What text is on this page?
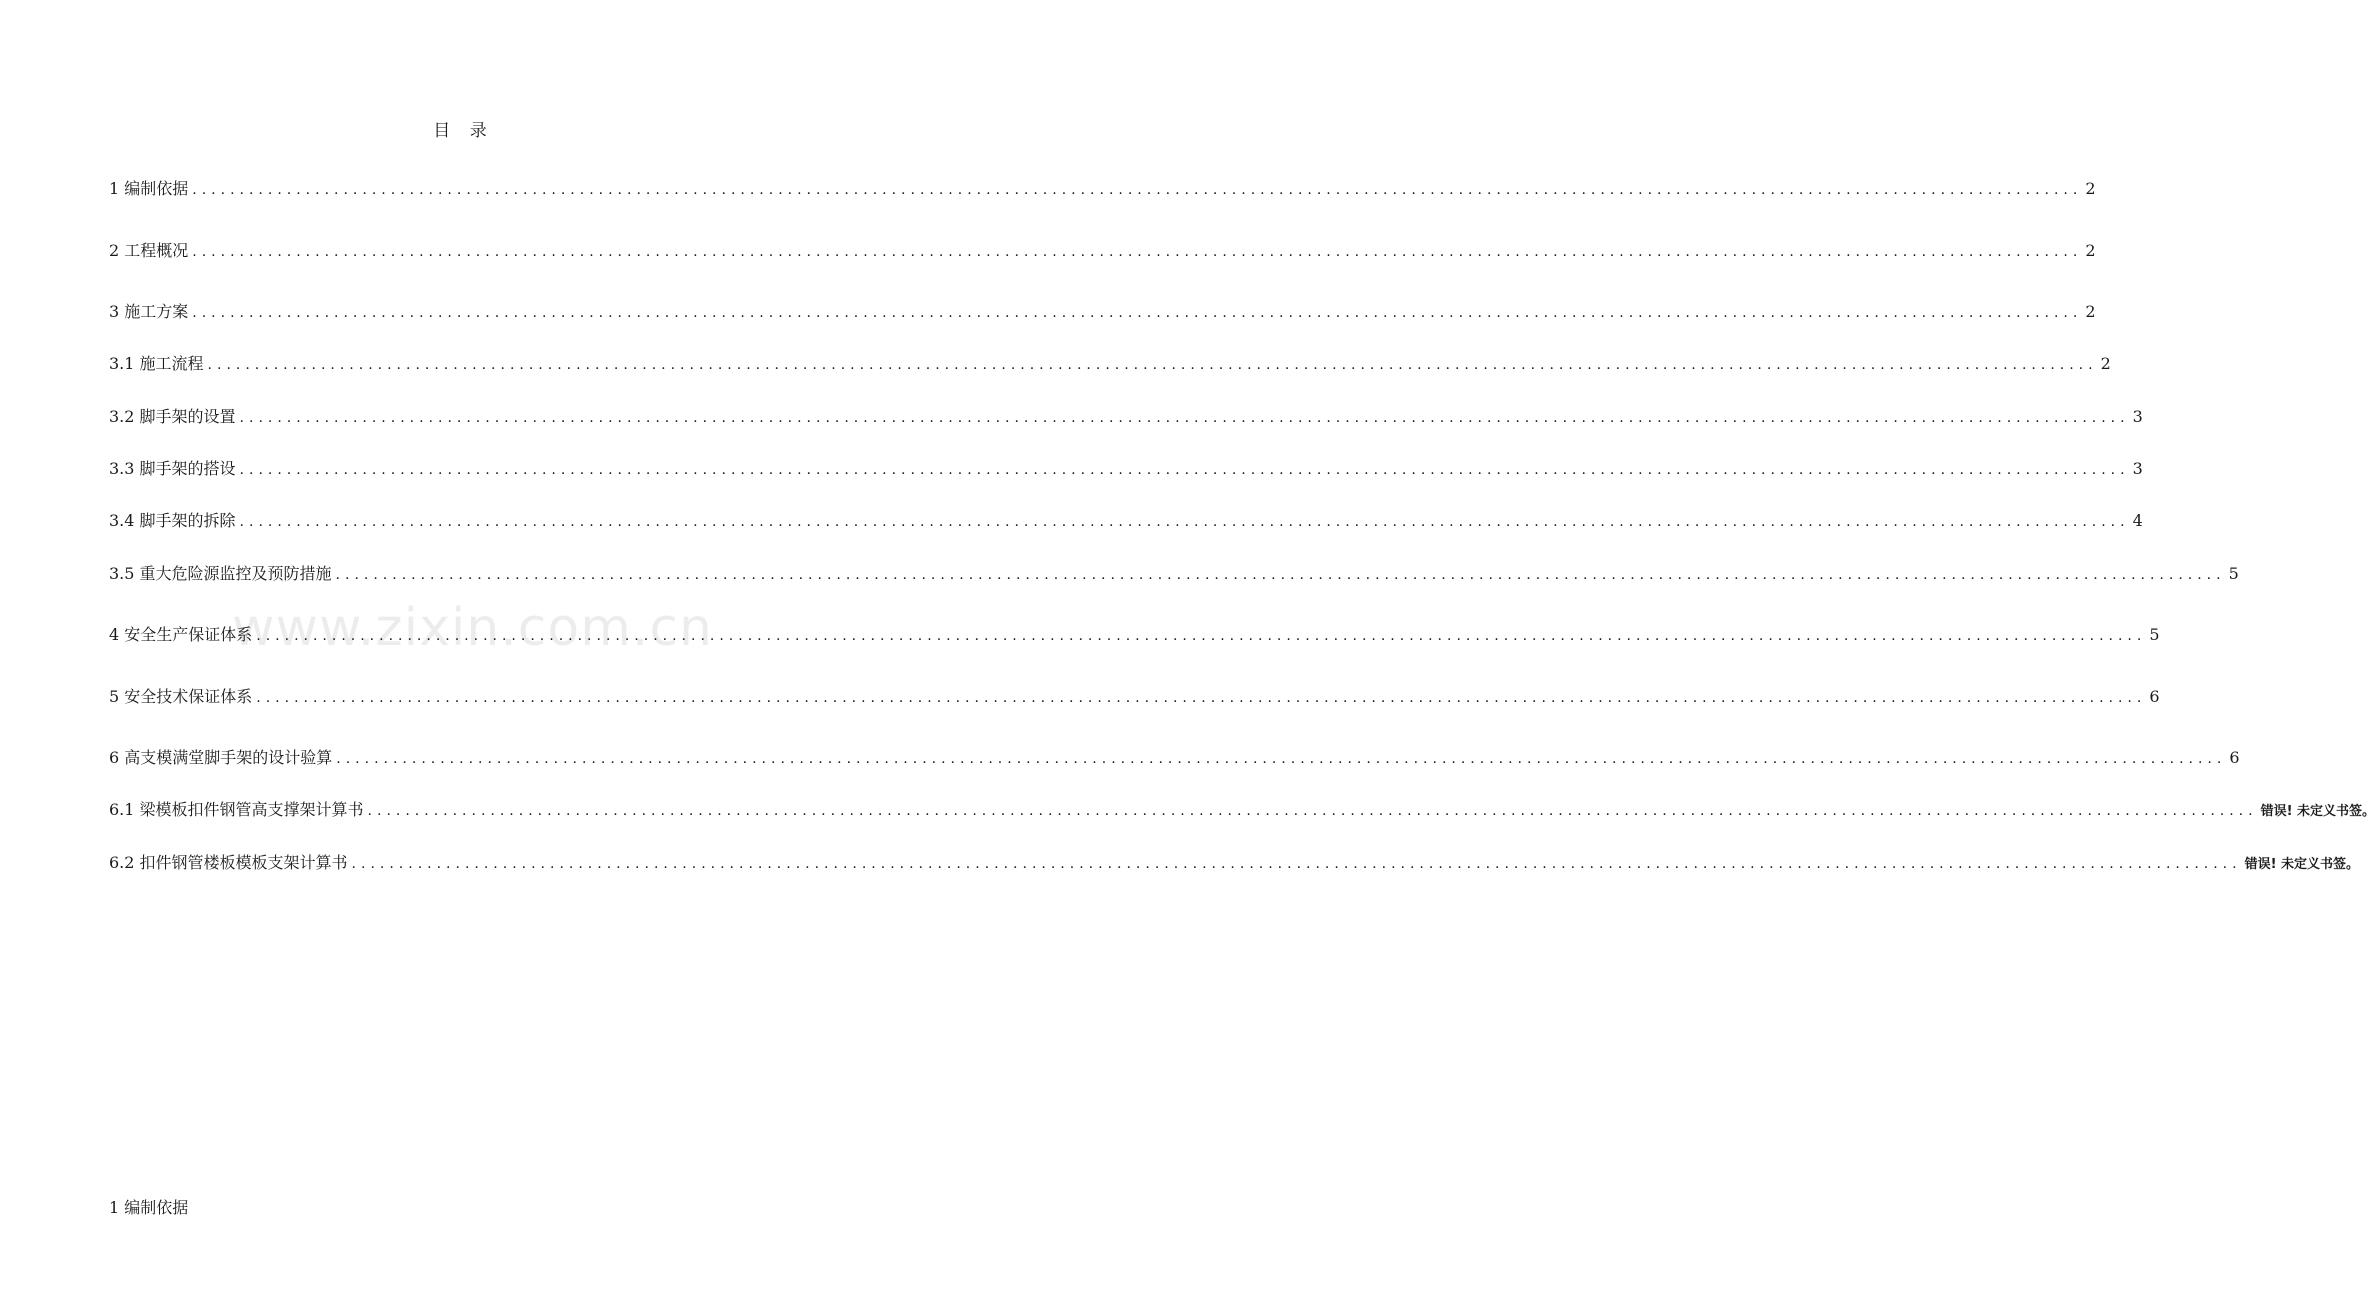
www.zixin.com.cn
目 录
1 编制依据 ........................................................................................................................................................................................................ 2
2 工程概况 ........................................................................................................................................................................................................ 2
3 施工方案 ........................................................................................................................................................................................................ 2
3.1 施工流程 ........................................................................................................................................................................................................ 2
3.2 脚手架的设置 ........................................................................................................................................................................................................ 3
3.3 脚手架的搭设 ........................................................................................................................................................................................................ 3
3.4 脚手架的拆除 ........................................................................................................................................................................................................ 4
3.5 重大危险源监控及预防措施 ........................................................................................................................................................................................................ 5
4 安全生产保证体系 ........................................................................................................................................................................................................ 5
5 安全技术保证体系 ........................................................................................................................................................................................................ 6
6 高支模满堂脚手架的设计验算 ........................................................................................................................................................................................................ 6
6.1 梁模板扣件钢管高支撑架计算书 ........................................................................................................................................................................................................ 错误! 未定义书签。
6.2 扣件钢管楼板模板支架计算书 ........................................................................................................................................................................................................ 错误! 未定义书签。
1 编制依据
